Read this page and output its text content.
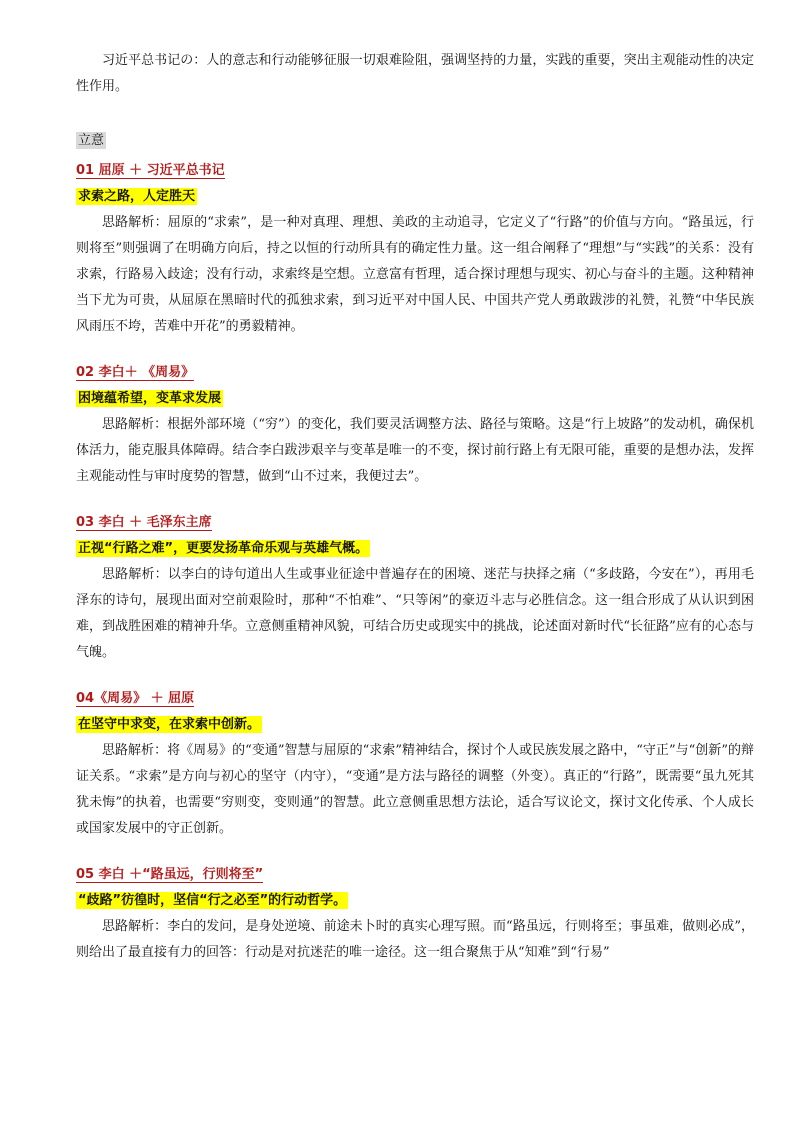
习近平总书记の：人的意志和行动能够征服一切艰难险阻，强调坚持的力量，实践的重要，突出主观能动性的决定性作用。

立意
01 屈原 ＋ 习近平总书记
求索之路，人定胜天

思路解析：屈原的“求索”，是一种对真理、理想、美政的主动追寻，它定义了“行路”的价值与方向。“路虽远，行则将至”则强调了在明确方向后，持之以恒的行动所具有的确定性力量。这一组合阐释了“理想”与“实践”的关系：没有求索，行路易入歧途；没有行动，求索终是空想。立意富有哲理，适合探讨理想与现实、初心与奋斗的主题。这种精神当下尤为可贵，从屈原在黑暗时代的孤独求索，到习近平对中国人民、中国共产党人勇敢跋涉的礼赞，礼赞“中华民族风雨压不垮，苦难中开花”的勇毅精神。

02 李白＋ 《周易》
困境蕴希望，变革求发展

思路解析：根据外部环境（“穷”）的变化，我们要灵活调整方法、路径与策略。这是“行上坡路”的发动机，确保机体活力，能克服具体障碍。结合李白跋涉艰辛与变革是唯一的不变，探讨前行路上有无限可能，重要的是想办法，发挥主观能动性与审时度势的智慧，做到“山不过来，我便过去”。

03 李白 ＋ 毛泽东主席
正视“行路之难”，更要发扬革命乐观与英雄气概。

思路解析：以李白的诗句道出人生或事业征途中普遍存在的困境、迷茫与抉择之痛（“多歧路，今安在”），再用毛泽东的诗句，展现出面对空前艰险时，那种“不怕难”、“只等闲”的豪迈斗志与必胜信念。这一组合形成了从认识到困难，到战胜困难的精神升华。立意侧重精神风貌，可结合历史或现实中的挑战，论述面对新时代“长征路”应有的心态与气魄。

04《周易》 ＋ 屈原
在坚守中求变，在求索中创新。

思路解析：将《周易》的“变通”智慧与屈原的“求索”精神结合，探讨个人或民族发展之路中，“守正”与“创新”的辩证关系。“求索”是方向与初心的坚守（内守），“变通”是方法与路径的调整（外变）。真正的“行路”，既需要“虽九死其犹未悔”的执着，也需要“穷则变，变则通”的智慧。此立意侧重思想方法论，适合写议论文，探讨文化传承、个人成长或国家发展中的守正创新。

05 李白 ＋“路虽远，行则将至”
“歧路”彷徨时，坚信“行之必至”的行动哲学。

思路解析：李白的发问，是身处逆境、前途未卜时的真实心理写照。而“路虽远，行则将至；事虽难，做则必成”，则给出了最直接有力的回答：行动是对抗迷茫的唯一途径。这一组合聚焦于从“知难”到“行易”
